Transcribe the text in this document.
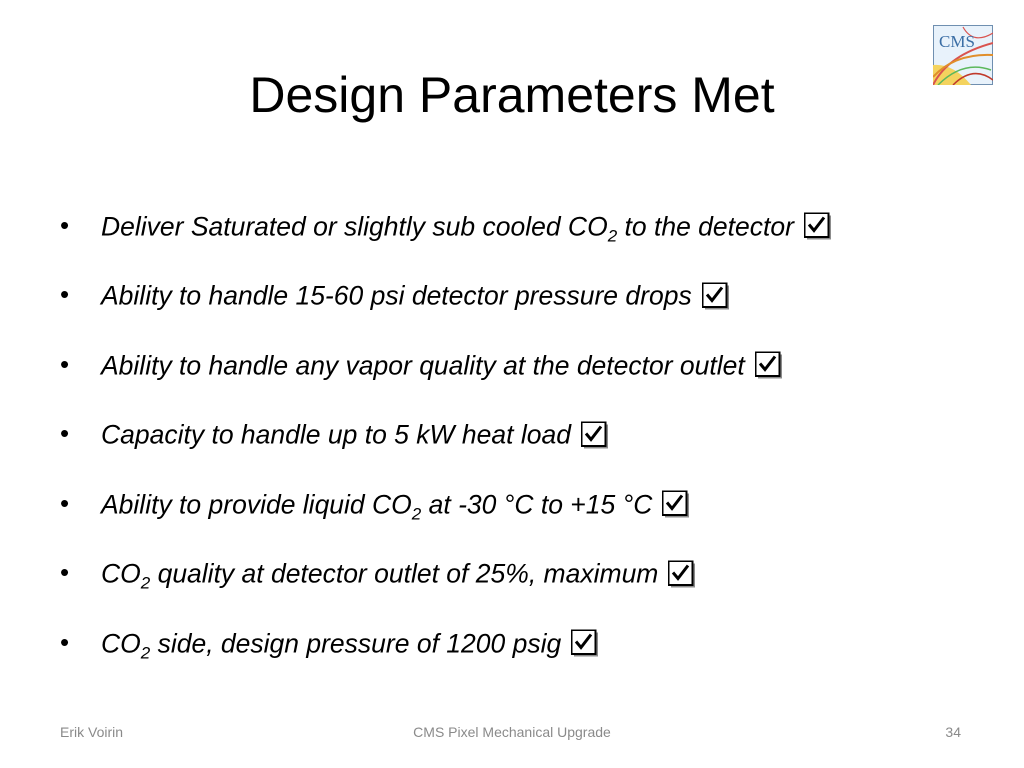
CMS
Design Parameters Met
• Deliver Saturated or slightly sub cooled $CO_2$ to the detector
• Ability to handle 15-60 psi detector pressure drops
• Ability to handle any vapor quality at the detector outlet
• Capacity to handle up to 5 kW heat load
• Ability to provide liquid $CO_2$ at -30 °C to +15 °C
• $CO_2$ quality at detector outlet of 25%, maximum
• $CO_2$ side, design pressure of 1200 psig
Erik Voirin	CMS Pixel Mechanical Upgrade	34
